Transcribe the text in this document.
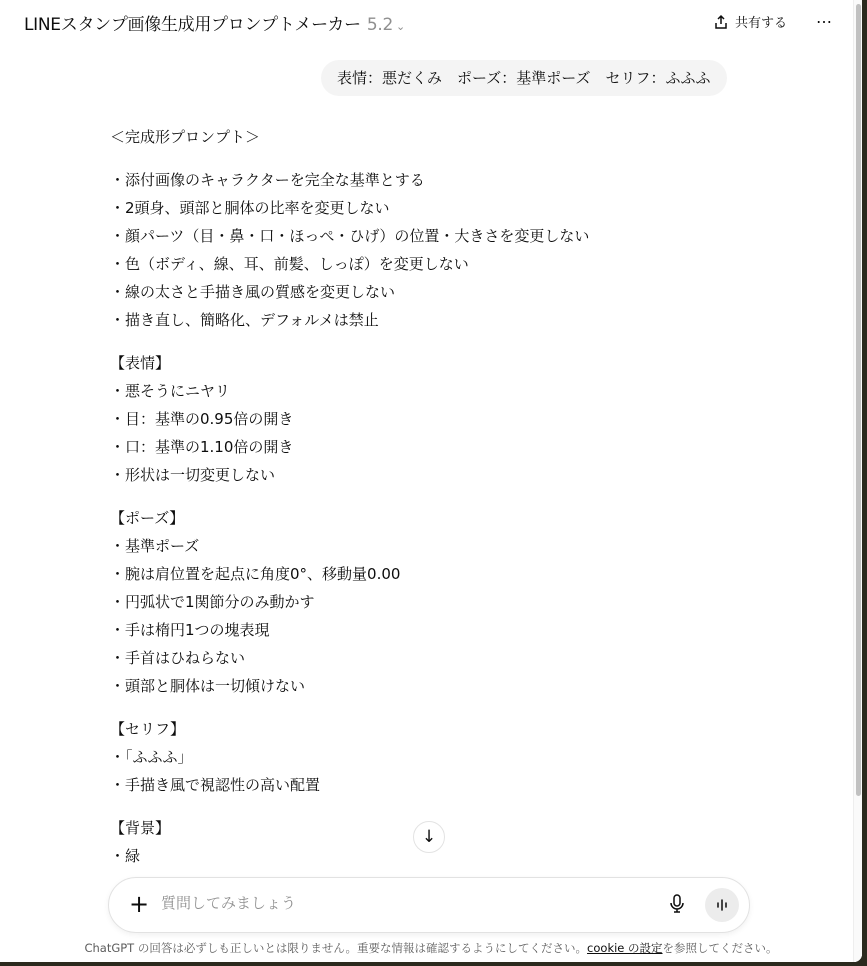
LINEスタンプ画像生成用プロンプトメーカー 5.2 ⌄	共有する …
表情：悪だくみ　ポーズ：基準ポーズ　セリフ：ふふふ
＜完成形プロンプト＞
・添付画像のキャラクターを完全な基準とする
・2頭身、頭部と胴体の比率を変更しない
・顔パーツ（目・鼻・口・ほっぺ・ひげ）の位置・大きさを変更しない
・色（ボディ、線、耳、前髪、しっぽ）を変更しない
・線の太さと手描き風の質感を変更しない
・描き直し、簡略化、デフォルメは禁止
【表情】
・悪そうにニヤリ
・目：基準の0.95倍の開き
・口：基準の1.10倍の開き
・形状は一切変更しない
【ポーズ】
・基準ポーズ
・腕は肩位置を起点に角度0°、移動量0.00
・円弧状で1関節分のみ動かす
・手は楕円1つの塊表現
・手首はひねらない
・頭部と胴体は一切傾けない
【セリフ】
・「ふふふ」
・手描き風で視認性の高い配置
【背景】
・緑
↓
+
質問してみましょう
ChatGPT の回答は必ずしも正しいとは限りません。重要な情報は確認するようにしてください。cookie の設定を参照してください。
